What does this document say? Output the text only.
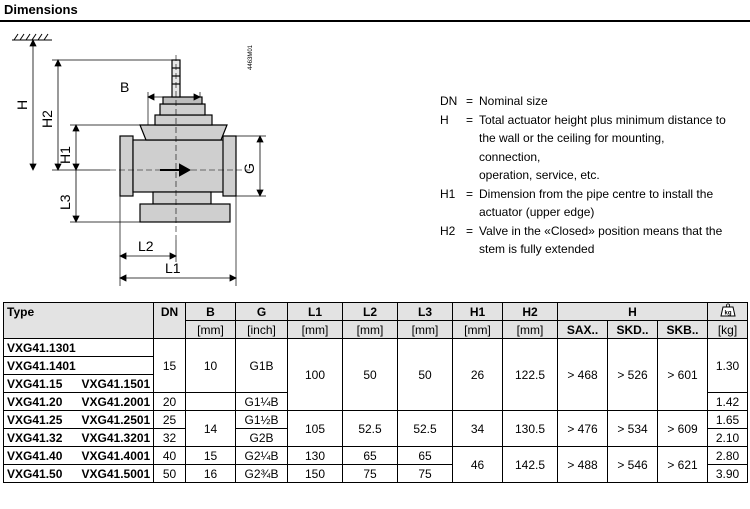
Dimensions
4463M01
H
H2
H1
L3
B
L2
L1
G
DN = Nominal size
H	= Total actuator height plus minimum distance to
the wall or the ceiling for mounting, connection,
operation, service, etc.
H1 = Dimension from the pipe centre to install the
actuator (upper edge)
H2 = Valve in the «Closed» position means that the
stem is fully extended
Type		DN	B	G	L1	L2	L3	H1	H2	H			kg

			[mm]	[inch]	[mm]	[mm]	[mm]	[mm]	[mm]	SAX..	SKD..	SKB..	[kg]
VXG41.1301		15	10	G1B	100	50	50	26	122.5	> 468	> 526	> 601	1.30
VXG41.1401													
VXG41.15	VXG41.1501												
VXG41.20	VXG41.2001	20		G1¼B									1.42
VXG41.25	VXG41.2501	25	14	G1½B	105	52.5	52.5	34	130.5	> 476	> 534	> 609	1.65
VXG41.32	VXG41.3201	32		G2B									2.10
VXG41.40	VXG41.4001	40	15	G2¼B	130	65	65	46	142.5	> 488	> 546	> 621	2.80
VXG41.50	VXG41.5001	50	16	G2¾B	150	75	75						3.90
